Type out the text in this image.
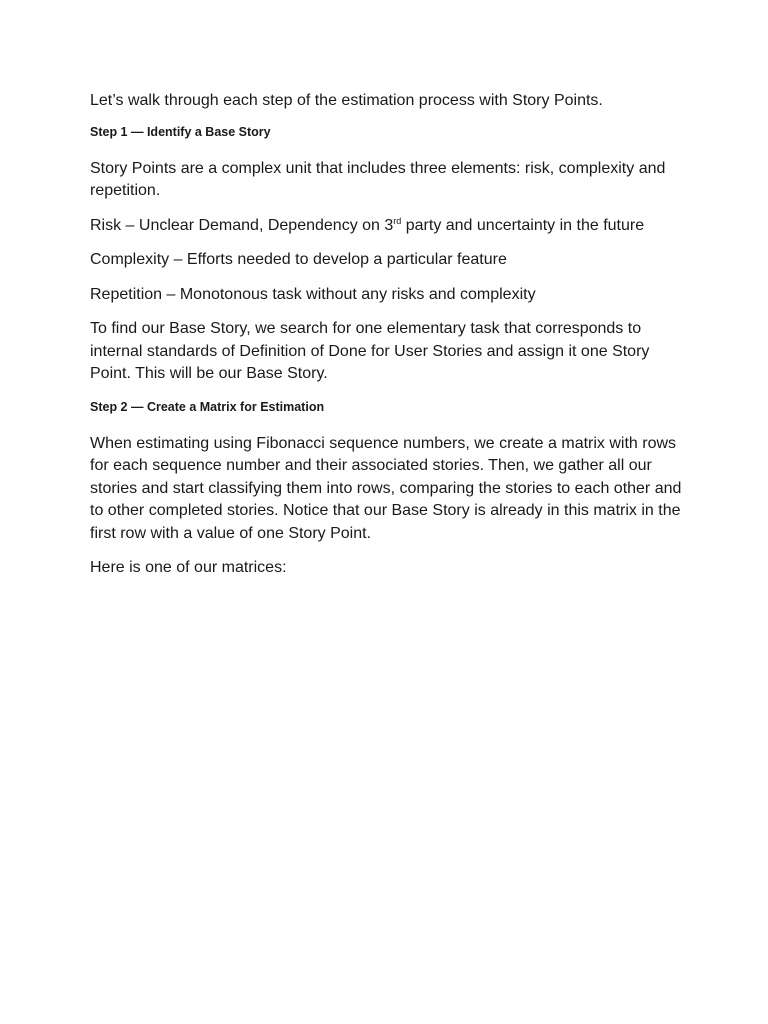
Let’s walk through each step of the estimation process with Story Points.

Step 1 — Identify a Base Story

Story Points are a complex unit that includes three elements: risk, complexity and repetition.

Risk – Unclear Demand, Dependency on 3rd party and uncertainty in the future

Complexity – Efforts needed to develop a particular feature

Repetition – Monotonous task without any risks and complexity

To find our Base Story, we search for one elementary task that corresponds to internal standards of Definition of Done for User Stories and assign it one Story Point. This will be our Base Story.

Step 2 — Create a Matrix for Estimation

When estimating using Fibonacci sequence numbers, we create a matrix with rows for each sequence number and their associated stories. Then, we gather all our stories and start classifying them into rows, comparing the stories to each other and to other completed stories. Notice that our Base Story is already in this matrix in the first row with a value of one Story Point.

Here is one of our matrices:
